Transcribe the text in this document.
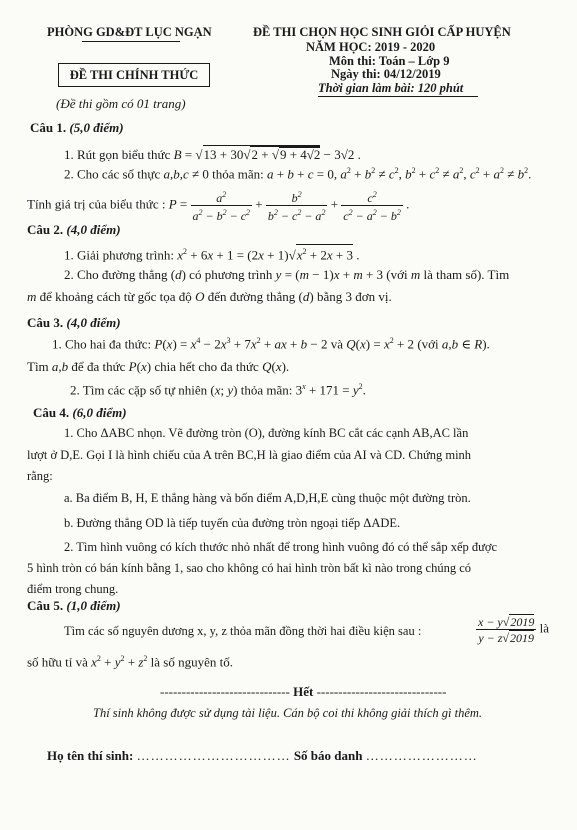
PHÒNG GD&ĐT LỤC NGẠN	ĐỀ THI CHỌN HỌC SINH GIỎI CẤP HUYỆN
NĂM HỌC: 2019 - 2020
Môn thi: Toán – Lớp 9
Ngày thi: 04/12/2019
Thời gian làm bài: 120 phút
ĐỀ THI CHÍNH THỨC
(Đề thi gồm có 01 trang)
Câu 1. (5,0 điểm)
1. Rút gọn biểu thức B = √13 + 30√2 + √9 + 4√2 − 3√2 .
2. Cho các số thực a,b,c ≠ 0 thỏa mãn: a + b + c = 0, $a^2 + b^2 \ne c^2$, $b^2 + c^2 \ne a^2$, $c^2 + a^2 \ne b^2$.
Tính giá trị của biểu thức : $P = \frac{a^2}{a^2 - b^2 - c^2} + \frac{b^2}{b^2 - c^2 - a^2} + \frac{c^2}{c^2 - a^2 - b^2}$ .
Câu 2. (4,0 điểm)
1. Giải phương trình: $x^2 + 6x + 1 = (2x + 1)√x^2 + 2x + 3$ .
2. Cho đường thẳng (d) có phương trình y = (m − 1)x + m + 3 (với m là tham số). Tìm
m để khoảng cách từ gốc tọa độ O đến đường thẳng (d) bằng 3 đơn vị.
Câu 3. (4,0 điểm)
1. Cho hai đa thức: $P(x) = x^4 - 2x^3 + 7x^2$ + ax + b − 2 và $Q(x) = x^2 + 2$ (với a,b ∈ R).
Tìm a,b để đa thức P(x) chia hết cho đa thức Q(x).
2. Tìm các cặp số tự nhiên (x; y) thỏa mãn: $3^x + 171 = y^2$.
Câu 4. (6,0 điểm)
1. Cho ΔABC nhọn. Vẽ đường tròn (O), đường kính BC cắt các cạnh AB,AC lần
lượt ở D,E. Gọi I là hình chiếu của A trên BC,H là giao điểm của AI và CD. Chứng minh
rằng:
a. Ba điểm B, H, E thẳng hàng và bốn điểm A,D,H,E cùng thuộc một đường tròn.
b. Đường thẳng OD là tiếp tuyến của đường tròn ngoại tiếp ΔADE.
2. Tìm hình vuông có kích thước nhỏ nhất để trong hình vuông đó có thể sắp xếp được
5 hình tròn có bán kính bằng 1, sao cho không có hai hình tròn bất kì nào trong chúng có
điểm trong chung.
Câu 5. (1,0 điểm)
Tìm các số nguyên dương x, y, z thỏa mãn đồng thời hai điều kiện sau :	$\frac{x - y√2019}{y - z√2019}$ là
số hữu tỉ và $x^2 + y^2 + z^2$ là số nguyên tố.
------------------------------ Hết ------------------------------
Thí sinh không được sử dụng tài liệu. Cán bộ coi thi không giải thích gì thêm.
Họ tên thí sinh: …………………………… Số báo danh ……………………
